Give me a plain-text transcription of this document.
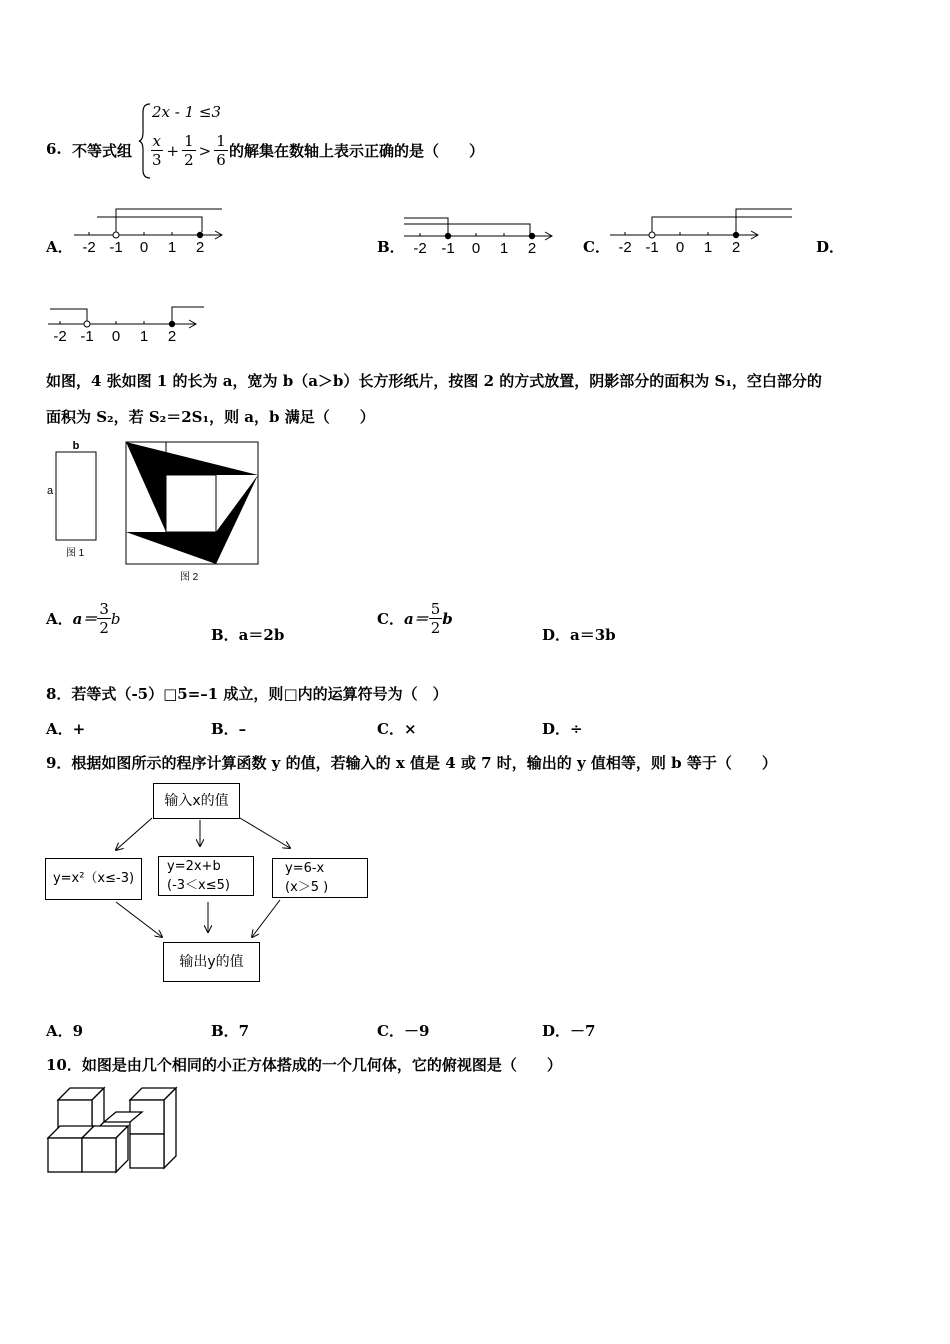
6. 不等式组
2x - 1 ≤3
$\frac{x}{3} + \frac{1}{2} > \frac{1}{6}$ 的解集在数轴上表示正确的是（　　）
A． -2 -1 0 1 2	B． -2 -1 0 1 2	C． -2 -1 0 1 2	D．
-2 -1 0 1 2
如图，4 张如图 1 的长为 a，宽为 b（a＞b）长方形纸片，按图 2 的方式放置，阴影部分的面积为 S₁，空白部分的
面积为 S₂，若 S₂＝2S₁，则 a，b 满足（　　）
b
a
图 1
图 2
A． $a= \frac{3}{2}$ b
B．a＝2b
C． $a= \frac{5}{2}$ b
D．a＝3b
8．若等式（-5）□5=–1 成立，则□内的运算符号为（　）
A．+	B．–	C．×	D．÷
9．根据如图所示的程序计算函数 y 的值，若输入的 x 值是 4 或 7 时，输出的 y 值相等，则 b 等于（　　）
输入x的值
y=x²（x≤-3)
y=2x+b
(-3＜x≤5)
y=6-x
(x＞5 )
输出y的值
A．9	B．7	C．－9	D．－7
10．如图是由几个相同的小正方体搭成的一个几何体，它的俯视图是（　　）
